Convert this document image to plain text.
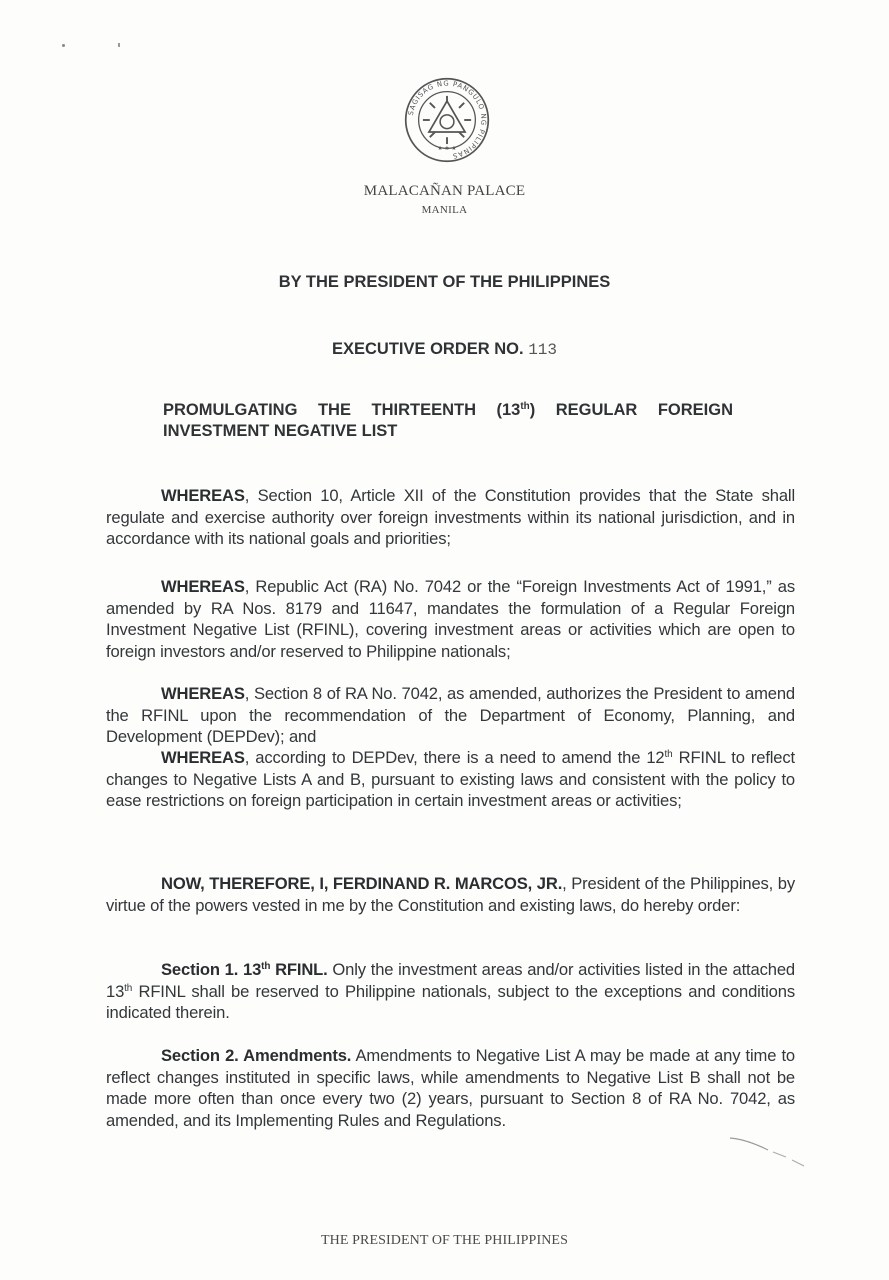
SAGISAG NG PANGULO NG PILIPINAS
★ ★ ★
MALACAÑAN PALACE
MANILA
BY THE PRESIDENT OF THE PHILIPPINES
EXECUTIVE ORDER NO. 113
PROMULGATING THE THIRTEENTH (13th) REGULAR FOREIGN
INVESTMENT NEGATIVE LIST
WHEREAS, Section 10, Article XII of the Constitution provides that the State shall regulate and exercise authority over foreign investments within its national jurisdiction, and in accordance with its national goals and priorities;
WHEREAS, Republic Act (RA) No. 7042 or the “Foreign Investments Act of 1991,” as amended by RA Nos. 8179 and 11647, mandates the formulation of a Regular Foreign Investment Negative List (RFINL), covering investment areas or activities which are open to foreign investors and/or reserved to Philippine nationals;
WHEREAS, Section 8 of RA No. 7042, as amended, authorizes the President to amend the RFINL upon the recommendation of the Department of Economy, Planning, and Development (DEPDev); and
WHEREAS, according to DEPDev, there is a need to amend the 12th RFINL to reflect changes to Negative Lists A and B, pursuant to existing laws and consistent with the policy to ease restrictions on foreign participation in certain investment areas or activities;
NOW, THEREFORE, I, FERDINAND R. MARCOS, JR., President of the Philippines, by virtue of the powers vested in me by the Constitution and existing laws, do hereby order:
Section 1. 13th RFINL. Only the investment areas and/or activities listed in the attached 13th RFINL shall be reserved to Philippine nationals, subject to the exceptions and conditions indicated therein.
Section 2. Amendments. Amendments to Negative List A may be made at any time to reflect changes instituted in specific laws, while amendments to Negative List B shall not be made more often than once every two (2) years, pursuant to Section 8 of RA No. 7042, as amended, and its Implementing Rules and Regulations.
THE PRESIDENT OF THE PHILIPPINES
